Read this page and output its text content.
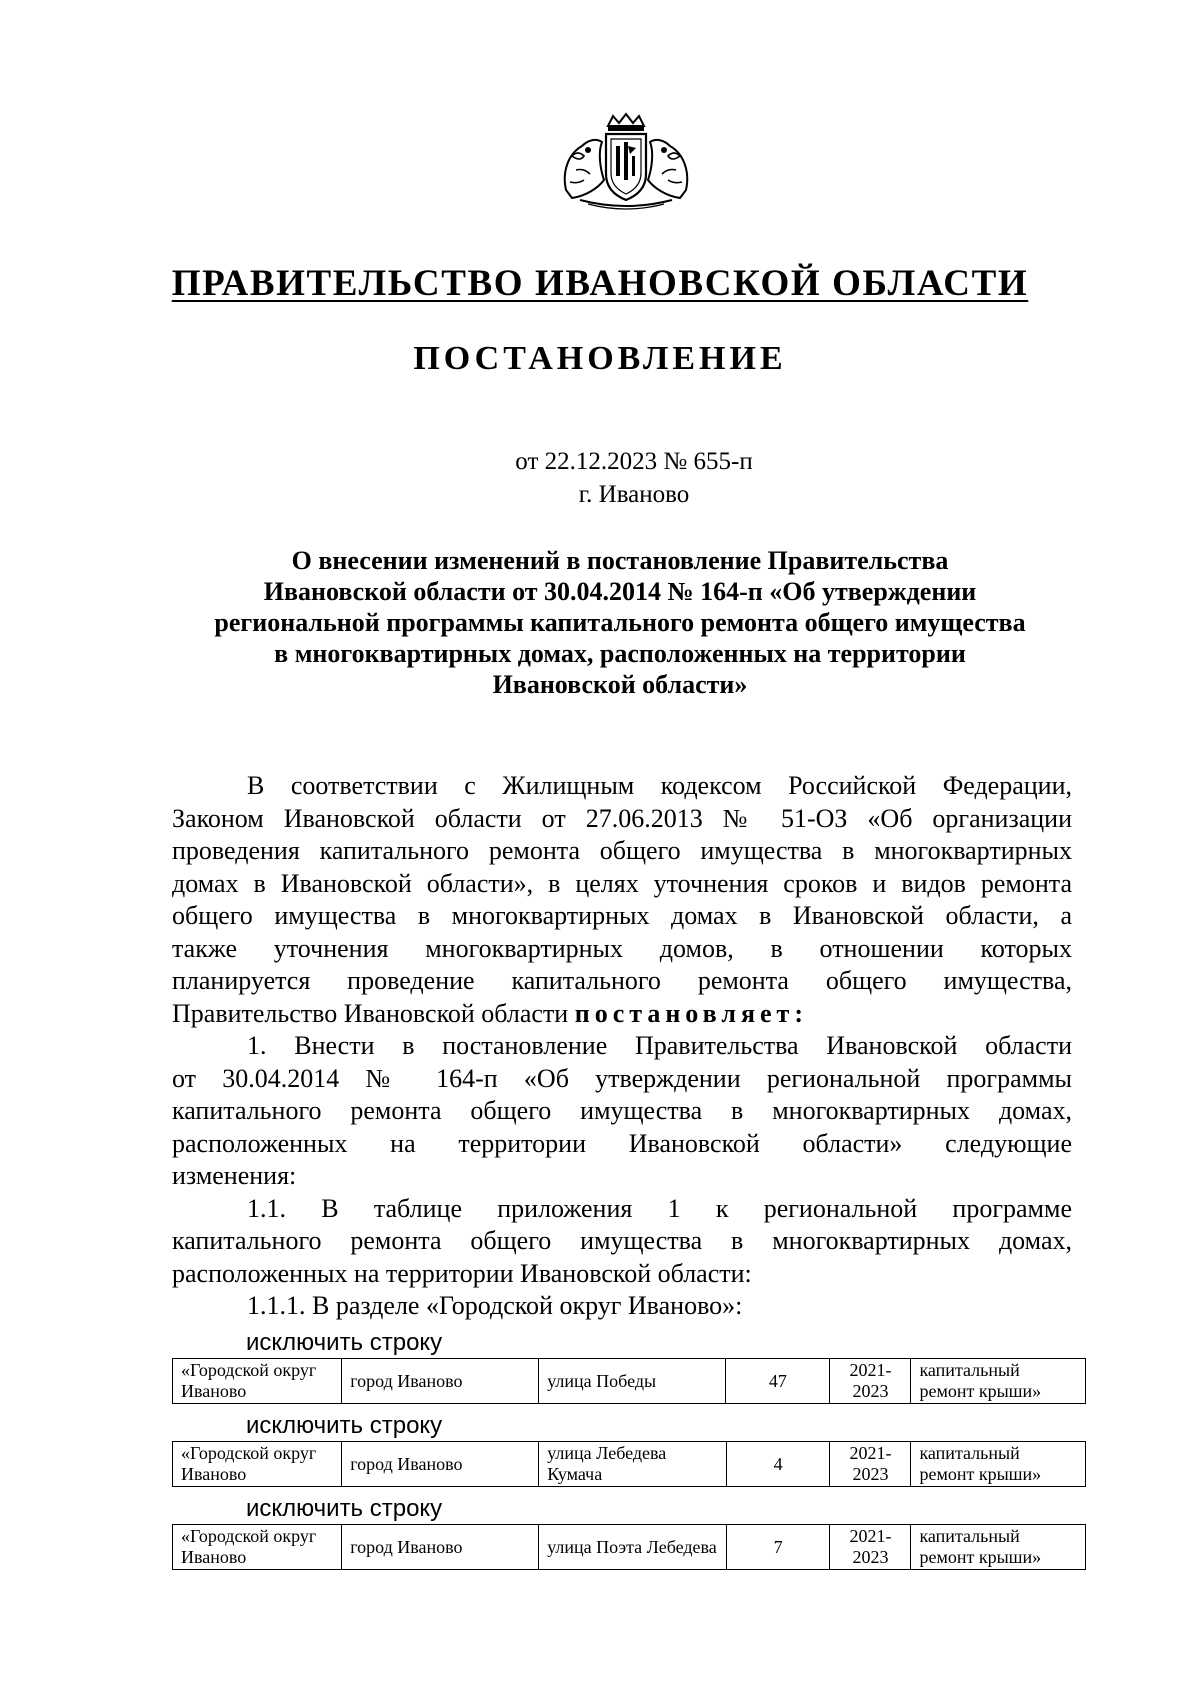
ПРАВИТЕЛЬСТВО ИВАНОВСКОЙ ОБЛАСТИ
ПОСТАНОВЛЕНИЕ
от 22.12.2023 № 655-п
г. Иваново
О внесении изменений в постановление Правительства
Ивановской области от 30.04.2014 № 164-п «Об утверждении
региональной программы капитального ремонта общего имущества
в многоквартирных домах, расположенных на территории
Ивановской области»

В соответствии с Жилищным кодексом Российской Федерации,

Законом Ивановской области от 27.06.2013 № 51-ОЗ «Об организации

проведения капитального ремонта общего имущества в многоквартирных

домах в Ивановской области», в целях уточнения сроков и видов ремонта

общего имущества в многоквартирных домах в Ивановской области, а

также уточнения многоквартирных домов, в отношении которых

планируется проведение капитального ремонта общего имущества,

Правительство Ивановской области постановляет:

1. Внести в постановление Правительства Ивановской области

от 30.04.2014 № 164-п «Об утверждении региональной программы

капитального ремонта общего имущества в многоквартирных домах,

расположенных на территории Ивановской области» следующие

изменения:

1.1. В таблице приложения 1 к региональной программе

капитального ремонта общего имущества в многоквартирных домах,

расположенных на территории Ивановской области:

1.1.1. В разделе «Городской округ Иваново»:

исключить строку
«Городской округ Иваново	город Иваново	улица Победы	47	2021-2023	капитальный ремонт крыши»
исключить строку
«Городской округ Иваново	город Иваново	улица Лебедева Кумача	4	2021-2023	капитальный ремонт крыши»
исключить строку
«Городской округ Иваново	город Иваново	улица Поэта Лебедева	7	2021-2023	капитальный ремонт крыши»
